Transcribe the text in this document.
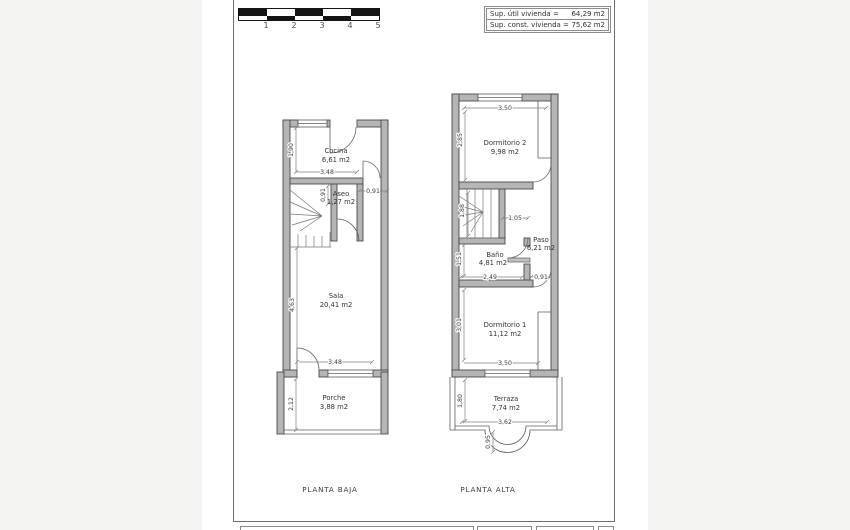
1	2	3	4	5
Sup. útil vivienda = 64,29 m2
Sup. const. vivienda = 75,62 m2
1,90
3,48
0,91	0,91
4,63
3,48
2,12
Cocina
6,61 m2
Aseo
1,27 m2
Sala
20,41 m2
Porche
3,88 m2
3,50
2,85
1,88
1,05
1,51
2,49	0,91
3,01
3,50
1,80
3,62
0,95
Dormitorio 2
9,98 m2
Paso
6,21 m2
Baño
4,81 m2
Dormitorio 1
11,12 m2
Terraza
7,74 m2
PLANTA BAJA	PLANTA ALTA
